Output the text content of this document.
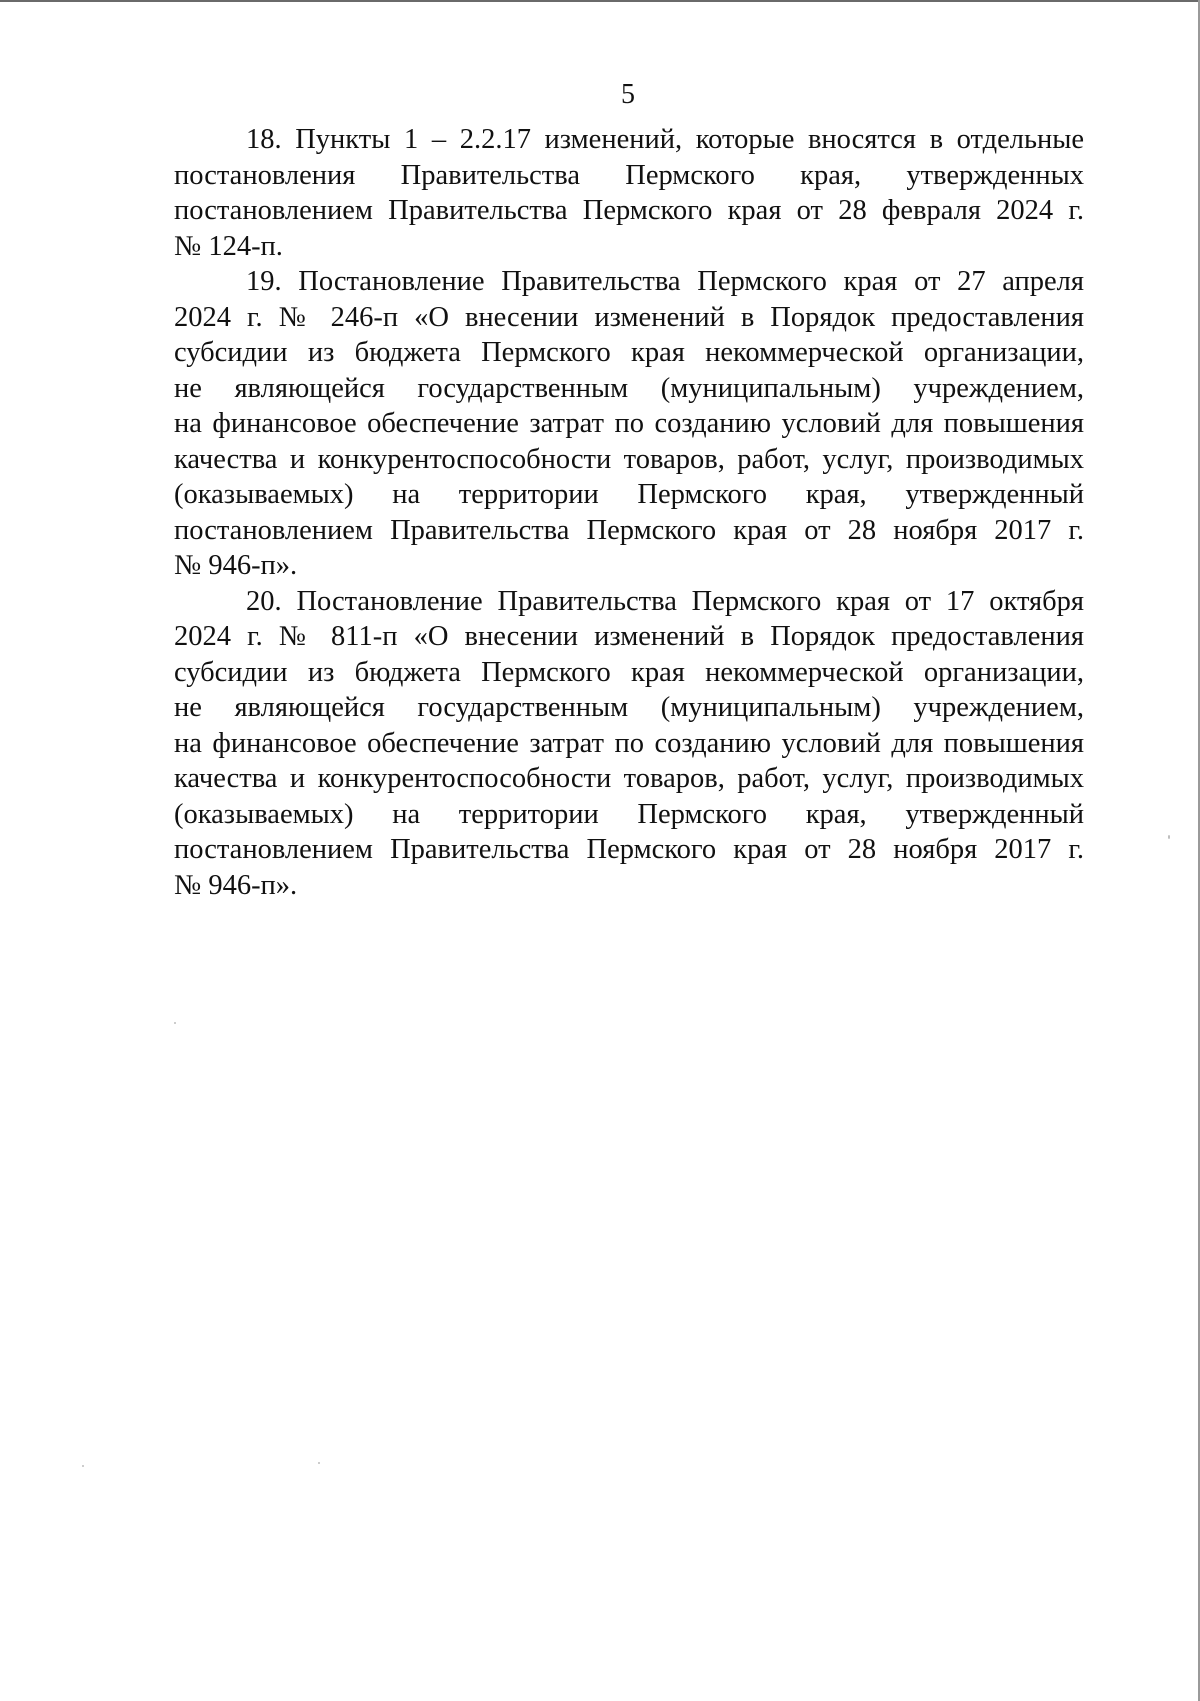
5
18. Пункты 1 – 2.2.17 изменений, которые вносятся в отдельные
постановления Правительства Пермского края, утвержденных
постановлением Правительства Пермского края от 28 февраля 2024 г.
№ 124-п.
19. Постановление Правительства Пермского края от 27 апреля
2024 г. № 246-п «О внесении изменений в Порядок предоставления
субсидии из бюджета Пермского края некоммерческой организации,
не являющейся государственным (муниципальным) учреждением,
на финансовое обеспечение затрат по созданию условий для повышения
качества и конкурентоспособности товаров, работ, услуг, производимых
(оказываемых) на территории Пермского края, утвержденный
постановлением Правительства Пермского края от 28 ноября 2017 г.
№ 946-п».
20. Постановление Правительства Пермского края от 17 октября
2024 г. № 811-п «О внесении изменений в Порядок предоставления
субсидии из бюджета Пермского края некоммерческой организации,
не являющейся государственным (муниципальным) учреждением,
на финансовое обеспечение затрат по созданию условий для повышения
качества и конкурентоспособности товаров, работ, услуг, производимых
(оказываемых) на территории Пермского края, утвержденный
постановлением Правительства Пермского края от 28 ноября 2017 г.
№ 946-п».
